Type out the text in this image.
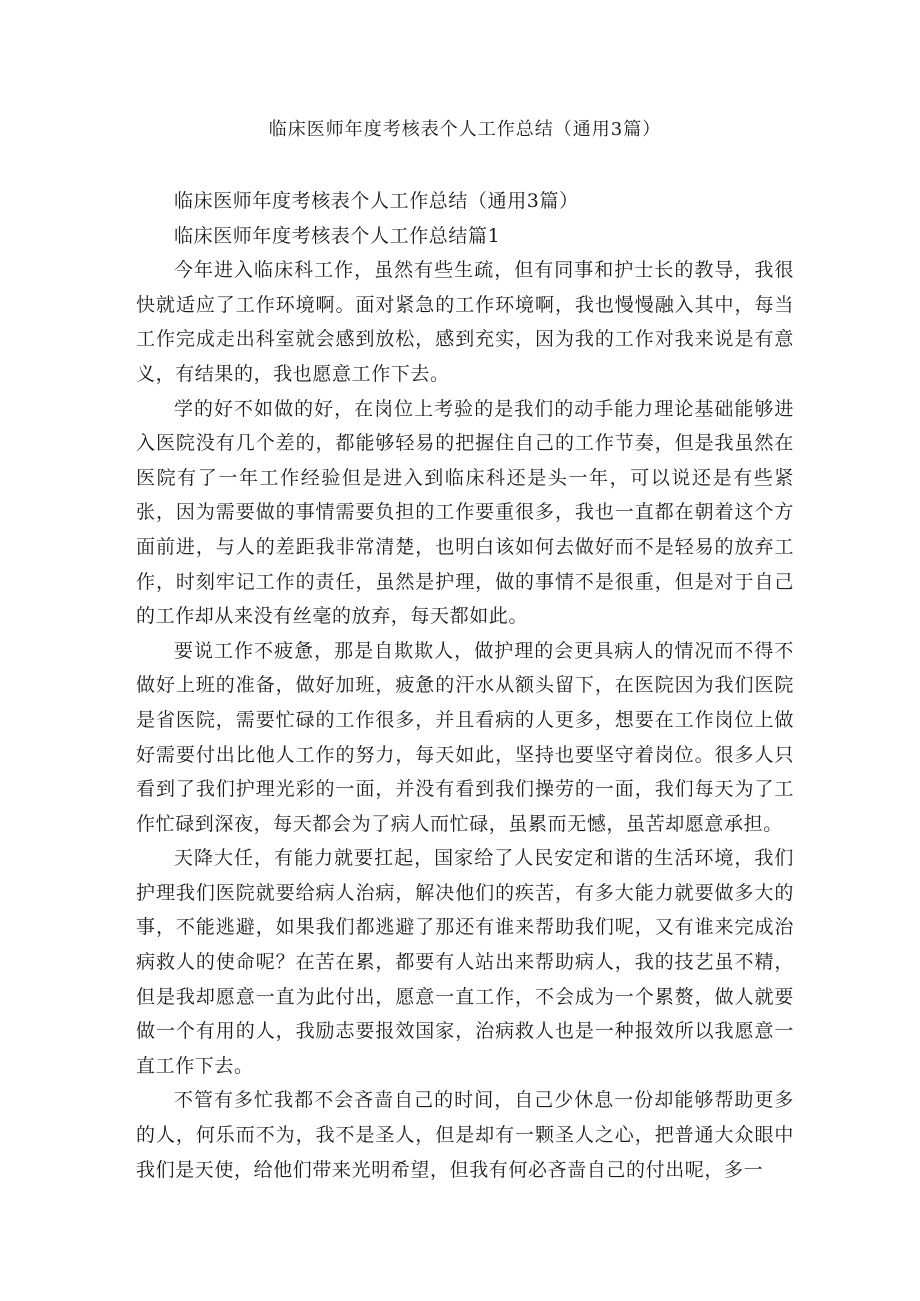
临床医师年度考核表个人工作总结（通用3篇）

临床医师年度考核表个人工作总结（通用3篇）

临床医师年度考核表个人工作总结篇1

今年进入临床科工作，虽然有些生疏，但有同事和护士长的教导，我很快就适应了工作环境啊。面对紧急的工作环境啊，我也慢慢融入其中，每当工作完成走出科室就会感到放松，感到充实，因为我的工作对我来说是有意义，有结果的，我也愿意工作下去。

学的好不如做的好，在岗位上考验的是我们的动手能力理论基础能够进入医院没有几个差的，都能够轻易的把握住自己的工作节奏，但是我虽然在医院有了一年工作经验但是进入到临床科还是头一年，可以说还是有些紧张，因为需要做的事情需要负担的工作要重很多，我也一直都在朝着这个方面前进，与人的差距我非常清楚，也明白该如何去做好而不是轻易的放弃工作，时刻牢记工作的责任，虽然是护理，做的事情不是很重，但是对于自己的工作却从来没有丝毫的放弃，每天都如此。

要说工作不疲惫，那是自欺欺人，做护理的会更具病人的情况而不得不做好上班的准备，做好加班，疲惫的汗水从额头留下，在医院因为我们医院是省医院，需要忙碌的工作很多，并且看病的人更多，想要在工作岗位上做好需要付出比他人工作的努力，每天如此，坚持也要坚守着岗位。很多人只看到了我们护理光彩的一面，并没有看到我们操劳的一面，我们每天为了工作忙碌到深夜，每天都会为了病人而忙碌，虽累而无憾，虽苦却愿意承担。

天降大任，有能力就要扛起，国家给了人民安定和谐的生活环境，我们护理我们医院就要给病人治病，解决他们的疾苦，有多大能力就要做多大的事，不能逃避，如果我们都逃避了那还有谁来帮助我们呢，又有谁来完成治病救人的使命呢？在苦在累，都要有人站出来帮助病人，我的技艺虽不精，但是我却愿意一直为此付出，愿意一直工作，不会成为一个累赘，做人就要做一个有用的人，我励志要报效国家，治病救人也是一种报效所以我愿意一直工作下去。

不管有多忙我都不会吝啬自己的时间，自己少休息一份却能够帮助更多的人，何乐而不为，我不是圣人，但是却有一颗圣人之心，把普通大众眼中我们是天使，给他们带来光明希望，但我有何必吝啬自己的付出呢，多一
